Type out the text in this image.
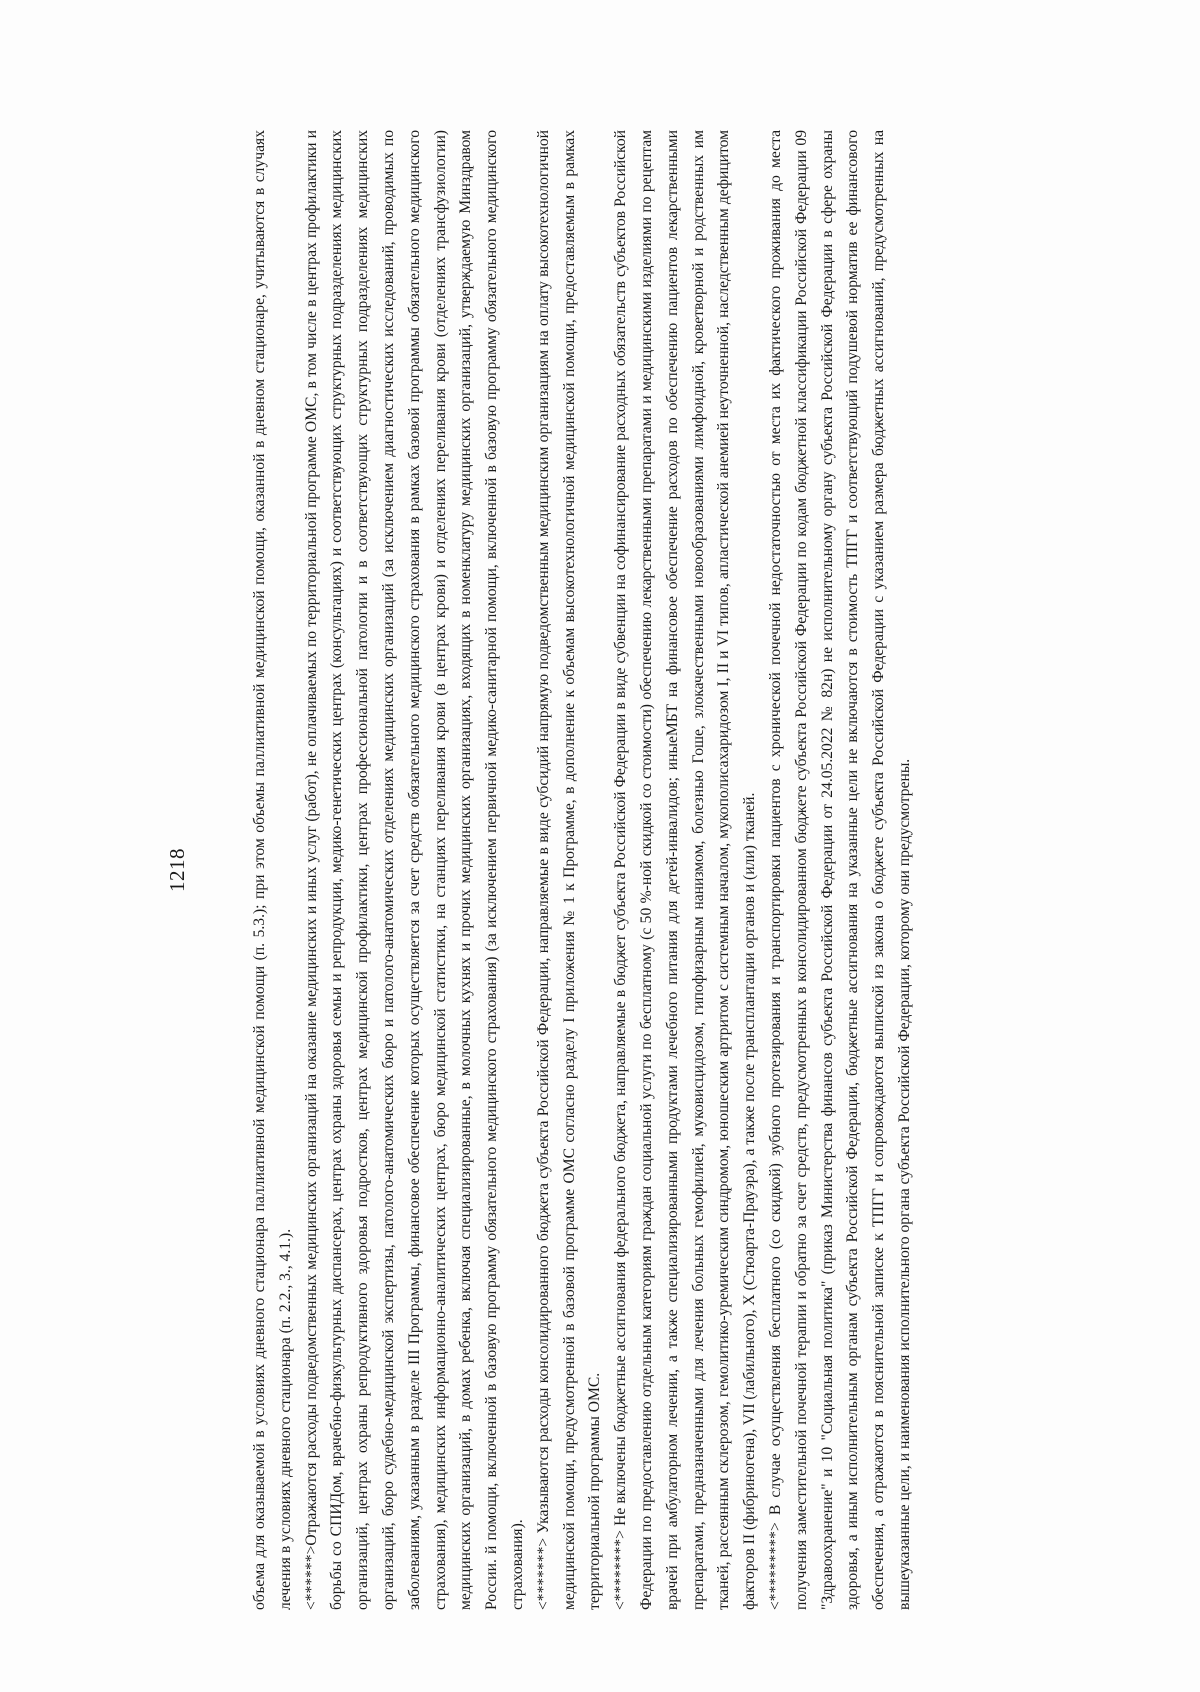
1218	объема для оказываемой в условиях дневного стационара паллиативной медицинской помощи (п. 5.3.); при этом объемы паллиативной медицинской помощи, оказанной в дневном стационаре, учитываются в случаях лечения в условиях дневного стационара (п. 2.2., 3., 4.1.). <******>Отражаются расходы подведомственных медицинских организаций на оказание медицинских и иных услуг (работ), не оплачиваемых по территориальной программе ОМС, в том числе в центрах профилактики и борьбы со СПИДом, врачебно-физкультурных диспансерах, центрах охраны здоровья семьи и репродукции, медико-генетических центрах (консультациях) и соответствующих структурных подразделениях медицинских организаций, центрах охраны репродуктивного здоровья подростков, центрах медицинской профилактики, центрах профессиональной патологии и в соответствующих структурных подразделениях медицинских организаций, бюро судебно-медицинской экспертизы, патолого-анатомических бюро и патолого-анатомических отделениях медицинских организаций (за исключением диагностических исследований, проводимых по заболеваниям, указанным в разделе III Программы, финансовое обеспечение которых осуществляется за счет средств обязательного медицинского страхования в рамках базовой программы обязательного медицинского страхования), медицинских информационно-аналитических центрах, бюро медицинской статистики, на станциях переливания крови (в центрах крови) и отделениях переливания крови (отделениях трансфузиологии) медицинских организаций, в домах ребенка, включая специализированные, в молочных кухнях и прочих медицинских организациях, входящих в номенклатуру медицинских организаций, утверждаемую Минздравом России. й помощи, включенной в базовую программу обязательного медицинского страхования) (за исключением первичной медико-санитарной помощи, включенной в базовую программу обязательного медицинского страхования). <*******> Указываются расходы консолидированного бюджета субъекта Российской Федерации, направляемые в виде субсидий напрямую подведомственным медицинским организациям на оплату высокотехнологичной медицинской помощи, предусмотренной в базовой программе ОМС согласно разделу I приложения № 1 к Программе, в дополнение к объемам высокотехнологичной медицинской помощи, предоставляемым в рамках территориальной программы ОМС. <********> Не включены бюджетные ассигнования федерального бюджета, направляемые в бюджет субъекта Российской Федерации в виде субвенции на софинансирование расходных обязательств субъектов Российской Федерации по предоставлению отдельным категориям граждан социальной услуги по бесплатному (с 50 %-ной скидкой со стоимости) обеспечению лекарственными препаратами и медицинскими изделиями по рецептам врачей при амбулаторном лечении, а также специализированными продуктами лечебного питания для детей-инвалидов; иныеМБТ на финансовое обеспечение расходов по обеспечению пациентов лекарственными препаратами, предназначенными для лечения больных гемофилией, муковисцидозом, гипофизарным нанизмом, болезнью Гоше, злокачественными новообразованиями лимфоидной, кроветворной и родственных им тканей, рассеянным склерозом, гемолитико-уремическим синдромом, юношеским артритом с системным началом, мукополисахаридозом I, II и VI типов, апластической анемией неуточненной, наследственным дефицитом факторов II (фибриногена), VII (лабильного), X (Стюарта-Прауэра), а также после трансплантации органов и (или) тканей. <*********> В случае осуществления бесплатного (со скидкой) зубного протезирования и транспортировки пациентов с хронической почечной недостаточностью от места их фактического проживания до места получения заместительной почечной терапии и обратно за счет средств, предусмотренных в консолидированном бюджете субъекта Российской Федерации по кодам бюджетной классификации Российской Федерации 09 "Здравоохранение" и 10 "Социальная политика" (приказ Министерства финансов субъекта Российской Федерации от 24.05.2022 № 82н) не исполнительному органу субъекта Российской Федерации в сфере охраны здоровья, а иным исполнительным органам субъекта Российской Федерации, бюджетные ассигнования на указанные цели не включаются в стоимость ТПГГ и соответствующий подушевой норматив ее финансового обеспечения, а отражаются в пояснительной записке к ТПГГ и сопровождаются выпиской из закона о бюджете субъекта Российской Федерации с указанием размера бюджетных ассигнований, предусмотренных на вышеуказанные цели, и наименования исполнительного органа субъекта Российской Федерации, которому они предусмотрены.
